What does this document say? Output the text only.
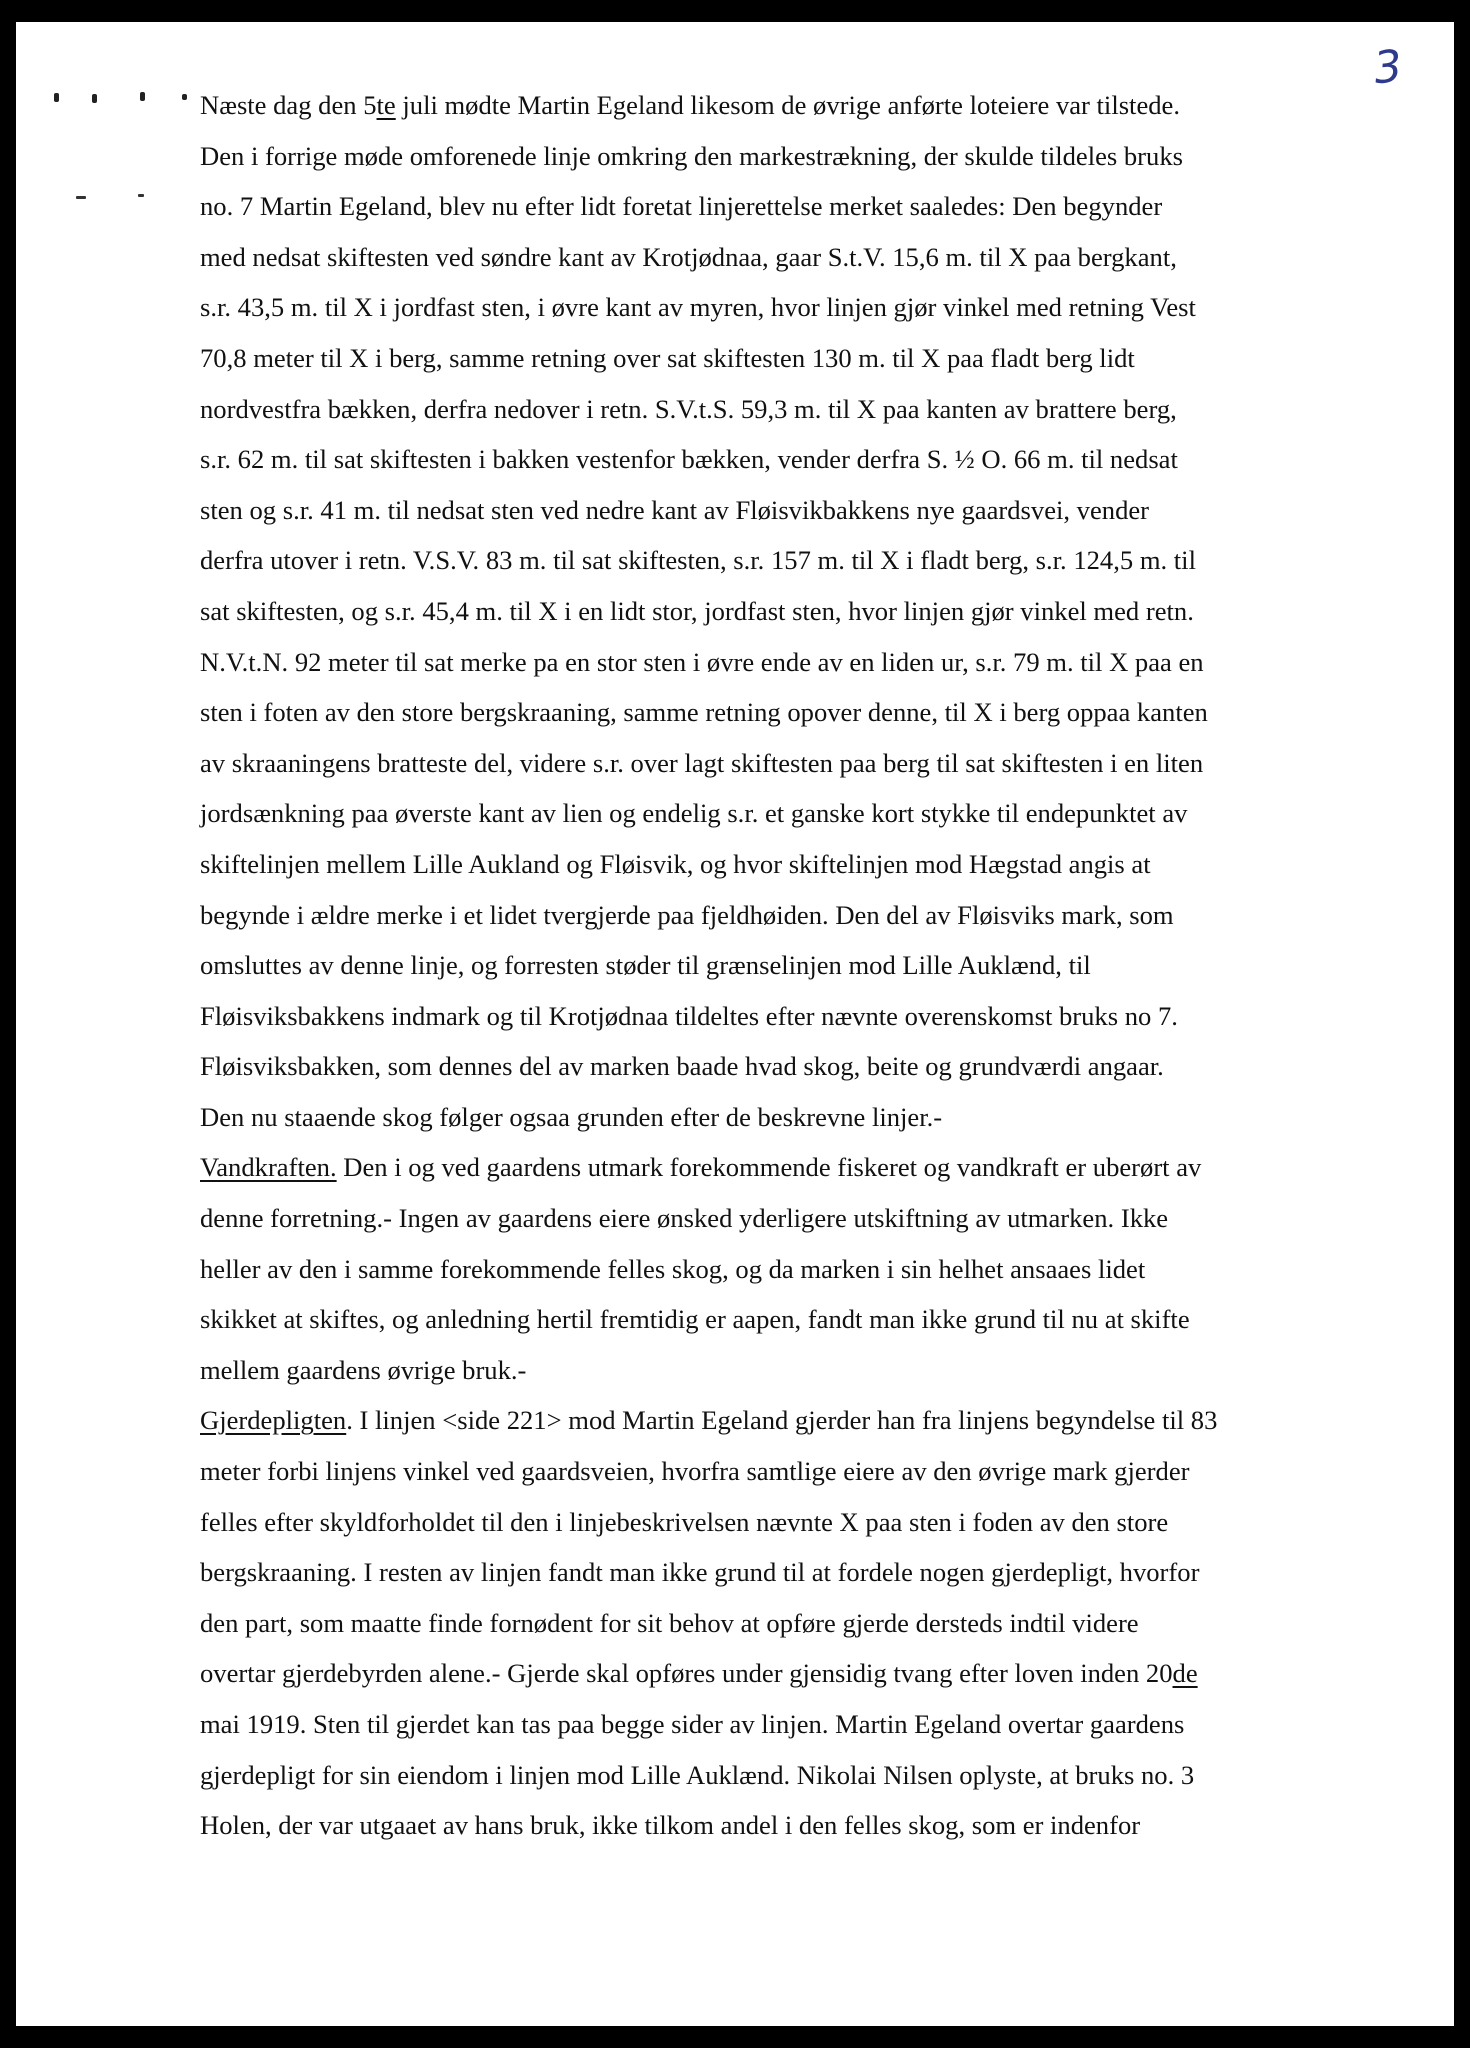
3
Næste dag den 5te juli mødte Martin Egeland likesom de øvrige anførte loteiere var tilstede.
Den i forrige møde omforenede linje omkring den markestrækning, der skulde tildeles bruks
no. 7 Martin Egeland, blev nu efter lidt foretat linjerettelse merket saaledes: Den begynder
med nedsat skiftesten ved søndre kant av Krotjødnaa, gaar S.t.V. 15,6 m. til X paa bergkant,
s.r. 43,5 m. til X i jordfast sten, i øvre kant av myren, hvor linjen gjør vinkel med retning Vest
70,8 meter til X i berg, samme retning over sat skiftesten 130 m. til X paa fladt berg lidt
nordvestfra bækken, derfra nedover i retn. S.V.t.S. 59,3 m. til X paa kanten av brattere berg,
s.r. 62 m. til sat skiftesten i bakken vestenfor bækken, vender derfra S. ½ O. 66 m. til nedsat
sten og s.r. 41 m. til nedsat sten ved nedre kant av Fløisvikbakkens nye gaardsvei, vender
derfra utover i retn. V.S.V. 83 m. til sat skiftesten, s.r. 157 m. til X i fladt berg, s.r. 124,5 m. til
sat skiftesten, og s.r. 45,4 m. til X i en lidt stor, jordfast sten, hvor linjen gjør vinkel med retn.
N.V.t.N. 92 meter til sat merke pa en stor sten i øvre ende av en liden ur, s.r. 79 m. til X paa en
sten i foten av den store bergskraaning, samme retning opover denne, til X i berg oppaa kanten
av skraaningens bratteste del, videre s.r. over lagt skiftesten paa berg til sat skiftesten i en liten
jordsænkning paa øverste kant av lien og endelig s.r. et ganske kort stykke til endepunktet av
skiftelinjen mellem Lille Aukland og Fløisvik, og hvor skiftelinjen mod Hægstad angis at
begynde i ældre merke i et lidet tvergjerde paa fjeldhøiden. Den del av Fløisviks mark, som
omsluttes av denne linje, og forresten støder til grænselinjen mod Lille Auklænd, til
Fløisviksbakkens indmark og til Krotjødnaa tildeltes efter nævnte overenskomst bruks no 7.
Fløisviksbakken, som dennes del av marken baade hvad skog, beite og grundværdi angaar.
Den nu staaende skog følger ogsaa grunden efter de beskrevne linjer.-
Vandkraften. Den i og ved gaardens utmark forekommende fiskeret og vandkraft er uberørt av
denne forretning.- Ingen av gaardens eiere ønsked yderligere utskiftning av utmarken. Ikke
heller av den i samme forekommende felles skog, og da marken i sin helhet ansaaes lidet
skikket at skiftes, og anledning hertil fremtidig er aapen, fandt man ikke grund til nu at skifte
mellem gaardens øvrige bruk.-
Gjerdepligten. I linjen <side 221> mod Martin Egeland gjerder han fra linjens begyndelse til 83
meter forbi linjens vinkel ved gaardsveien, hvorfra samtlige eiere av den øvrige mark gjerder
felles efter skyldforholdet til den i linjebeskrivelsen nævnte X paa sten i foden av den store
bergskraaning. I resten av linjen fandt man ikke grund til at fordele nogen gjerdepligt, hvorfor
den part, som maatte finde fornødent for sit behov at opføre gjerde dersteds indtil videre
overtar gjerdebyrden alene.- Gjerde skal opføres under gjensidig tvang efter loven inden 20de
mai 1919. Sten til gjerdet kan tas paa begge sider av linjen. Martin Egeland overtar gaardens
gjerdepligt for sin eiendom i linjen mod Lille Auklænd. Nikolai Nilsen oplyste, at bruks no. 3
Holen, der var utgaaet av hans bruk, ikke tilkom andel i den felles skog, som er indenfor
